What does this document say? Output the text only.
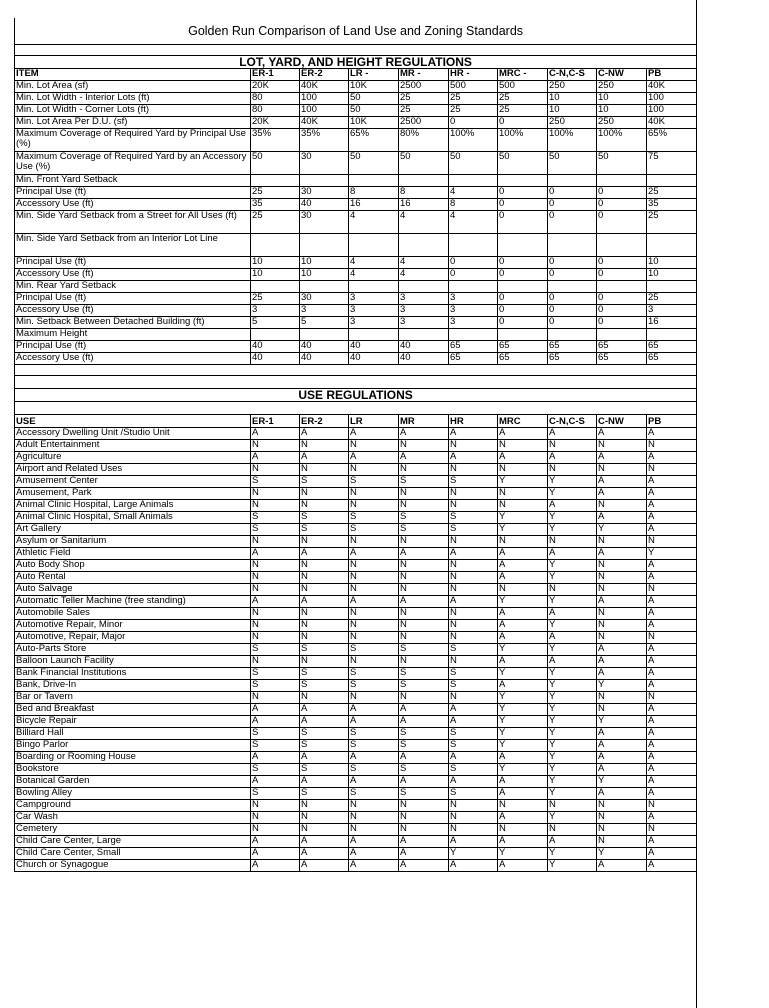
Golden Run Comparison of Land Use and Zoning Standards									

LOT, YARD, AND HEIGHT REGULATIONS									
ITEM	ER-1	ER-2	LR -	MR -	HR -	MRC -	C-N,C-S	C-NW	PB
Min. Lot Area (sf)	20K	40K	10K	2500	500	500	250	250	40K
Min. Lot Width - Interior Lots (ft)	80	100	50	25	25	25	10	10	100
Min. Lot Width - Corner Lots (ft)	80	100	50	25	25	25	10	10	100
Min. Lot Area Per D.U. (sf)	20K	40K	10K	2500	0	0	250	250	40K
Maximum Coverage of Required Yard by Principal Use (%)	35%	35%	65%	80%	100%	100%	100%	100%	65%
Maximum Coverage of Required Yard by an Accessory Use (%)	50	30	50	50	50	50	50	50	75
Min. Front Yard Setback									
Principal Use (ft)	25	30	8	8	4	0	0	0	25
Accessory Use (ft)	35	40	16	16	8	0	0	0	35
Min. Side Yard Setback from a Street for All Uses (ft)	25	30	4	4	4	0	0	0	25
Min. Side Yard Setback from an Interior Lot Line									
Principal Use (ft)	10	10	4	4	0	0	0	0	10
Accessory Use (ft)	10	10	4	4	0	0	0	0	10
Min. Rear Yard Setback									
Principal Use (ft)	25	30	3	3	3	0	0	0	25
Accessory Use (ft)	3	3	3	3	3	0	0	0	3
Min. Setback Between Detached Building (ft)	5	5	3	3	3	0	0	0	16
Maximum Height									
Principal Use (ft)	40	40	40	40	65	65	65	65	65
Accessory Use (ft)	40	40	40	40	65	65	65	65	65

USE REGULATIONS									

USE	ER-1	ER-2	LR	MR	HR	MRC	C-N,C-S	C-NW	PB
Accessory Dwelling Unit /Studio Unit	A	A	A	A	A	A	A	A	A
Adult Entertainment	N	N	N	N	N	N	N	N	N
Agriculture	A	A	A	A	A	A	A	A	A
Airport and Related Uses	N	N	N	N	N	N	N	N	N
Amusement Center	S	S	S	S	S	Y	Y	A	A
Amusement, Park	N	N	N	N	N	N	Y	A	A
Animal Clinic Hospital, Large Animals	N	N	N	N	N	N	A	N	A
Animal Clinic Hospital, Small Animals	S	S	S	S	S	Y	Y	A	A
Art Gallery	S	S	S	S	S	Y	Y	Y	A
Asylum or Sanitarium	N	N	N	N	N	N	N	N	N
Athletic Field	A	A	A	A	A	A	A	A	Y
Auto Body Shop	N	N	N	N	N	A	Y	N	A
Auto Rental	N	N	N	N	N	A	Y	N	A
Auto Salvage	N	N	N	N	N	N	N	N	N
Automatic Teller Machine (free standing)	A	A	A	A	A	Y	Y	A	A
Automobile Sales	N	N	N	N	N	A	A	N	A
Automotive Repair, Minor	N	N	N	N	N	A	Y	N	A
Automotive, Repair, Major	N	N	N	N	N	A	A	N	N
Auto-Parts Store	S	S	S	S	S	Y	Y	A	A
Balloon Launch Facility	N	N	N	N	N	A	A	A	A
Bank Financial Institutions	S	S	S	S	S	Y	Y	A	A
Bank, Drive-In	S	S	S	S	S	A	Y	Y	A
Bar or Tavern	N	N	N	N	N	Y	Y	N	N
Bed and Breakfast	A	A	A	A	A	Y	Y	N	A
Bicycle Repair	A	A	A	A	A	Y	Y	Y	A
Billiard Hall	S	S	S	S	S	Y	Y	A	A
Bingo Parlor	S	S	S	S	S	Y	Y	A	A
Boarding or Rooming House	A	A	A	A	A	A	Y	A	A
Bookstore	S	S	S	S	S	Y	Y	A	A
Botanical Garden	A	A	A	A	A	A	Y	Y	A
Bowling Alley	S	S	S	S	S	A	Y	A	A
Campground	N	N	N	N	N	N	N	N	N
Car Wash	N	N	N	N	N	A	Y	N	A
Cemetery	N	N	N	N	N	N	N	N	N
Child Care Center, Large	A	A	A	A	A	A	A	N	A
Child Care Center, Small	A	A	A	A	Y	Y	Y	Y	A
Church or Synagogue	A	A	A	A	A	A	Y	A	A
